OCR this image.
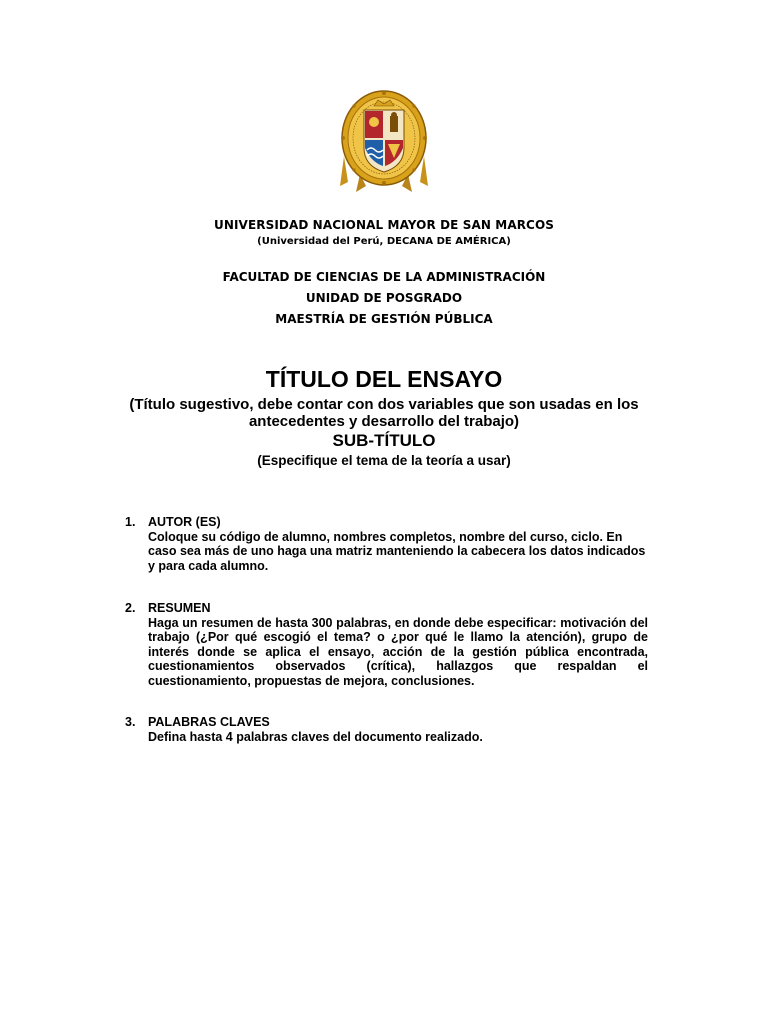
UNIVERSIDAD NACIONAL MAYOR DE SAN MARCOS
(Universidad del Perú, DECANA DE AMÉRICA)
FACULTAD DE CIENCIAS DE LA ADMINISTRACIÓN
UNIDAD DE POSGRADO
MAESTRÍA DE GESTIÓN PÚBLICA
TÍTULO DEL ENSAYO
(Título sugestivo, debe contar con dos variables que son usadas en los
antecedentes y desarrollo del trabajo)
SUB-TÍTULO
(Especifique el tema de la teoría a usar)
1.	AUTOR (ES)
Coloque su código de alumno, nombres completos, nombre del curso, ciclo. En caso sea más de uno haga una matriz manteniendo la cabecera los datos indicados y para cada alumno.
2.	RESUMEN
Haga un resumen de hasta 300 palabras, en donde debe especificar: motivación del trabajo (¿Por qué escogió el tema? o ¿por qué le llamo la atención), grupo de interés donde se aplica el ensayo, acción de la gestión pública encontrada, cuestionamientos observados (crítica), hallazgos que respaldan el cuestionamiento, propuestas de mejora, conclusiones.
3.	PALABRAS CLAVES
Defina hasta 4 palabras claves del documento realizado.
